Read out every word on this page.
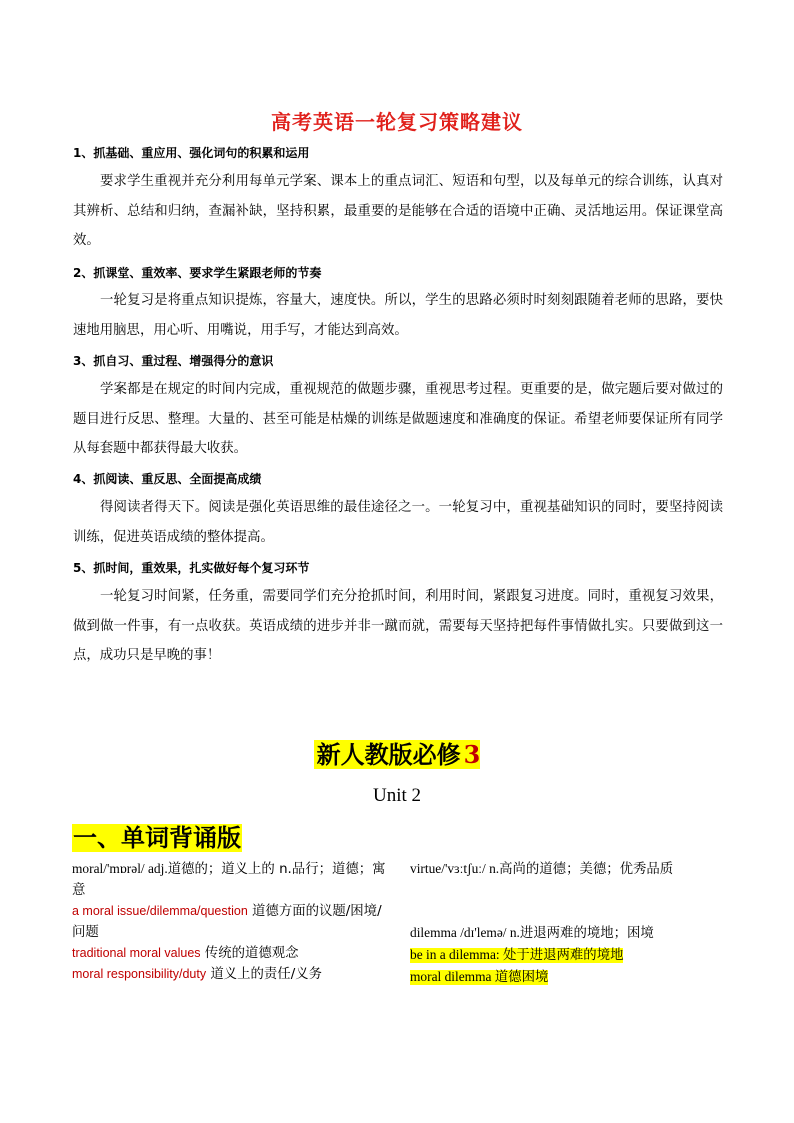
高考英语一轮复习策略建议
1、抓基础、重应用、强化词句的积累和运用
要求学生重视并充分利用每单元学案、课本上的重点词汇、短语和句型，以及每单元的综合训练，认真对其辨析、总结和归纳，查漏补缺，坚持积累，最重要的是能够在合适的语境中正确、灵活地运用。保证课堂高效。
2、抓课堂、重效率、要求学生紧跟老师的节奏
一轮复习是将重点知识提炼，容量大，速度快。所以，学生的思路必须时时刻刻跟随着老师的思路，要快速地用脑思，用心听、用嘴说，用手写，才能达到高效。
3、抓自习、重过程、增强得分的意识
学案都是在规定的时间内完成，重视规范的做题步骤，重视思考过程。更重要的是，做完题后要对做过的题目进行反思、整理。大量的、甚至可能是枯燥的训练是做题速度和准确度的保证。希望老师要保证所有同学从每套题中都获得最大收获。
4、抓阅读、重反思、全面提高成绩
得阅读者得天下。阅读是强化英语思维的最佳途径之一。一轮复习中，重视基础知识的同时，要坚持阅读训练，促进英语成绩的整体提高。
5、抓时间，重效果，扎实做好每个复习环节
一轮复习时间紧，任务重，需要同学们充分抢抓时间，利用时间，紧跟复习进度。同时，重视复习效果，做到做一件事，有一点收获。英语成绩的进步并非一蹴而就，需要每天坚持把每件事情做扎实。只要做到这一点，成功只是早晚的事！
新人教版必修 3
Unit 2
一、单词背诵版
moral/'mɒrəl/ adj.道德的；道义上的 n.品行；道德；寓意
a moral issue/dilemma/question 道德方面的议题/困境/问题
traditional moral values 传统的道德观念
moral responsibility/duty 道义上的责任/义务
virtue/'vɜːtʃuː/ n.高尚的道德；美德；优秀品质
dilemma /dɪ'lemə/ n.进退两难的境地；困境
be in a dilemma: 处于进退两难的境地
moral dilemma 道德困境
